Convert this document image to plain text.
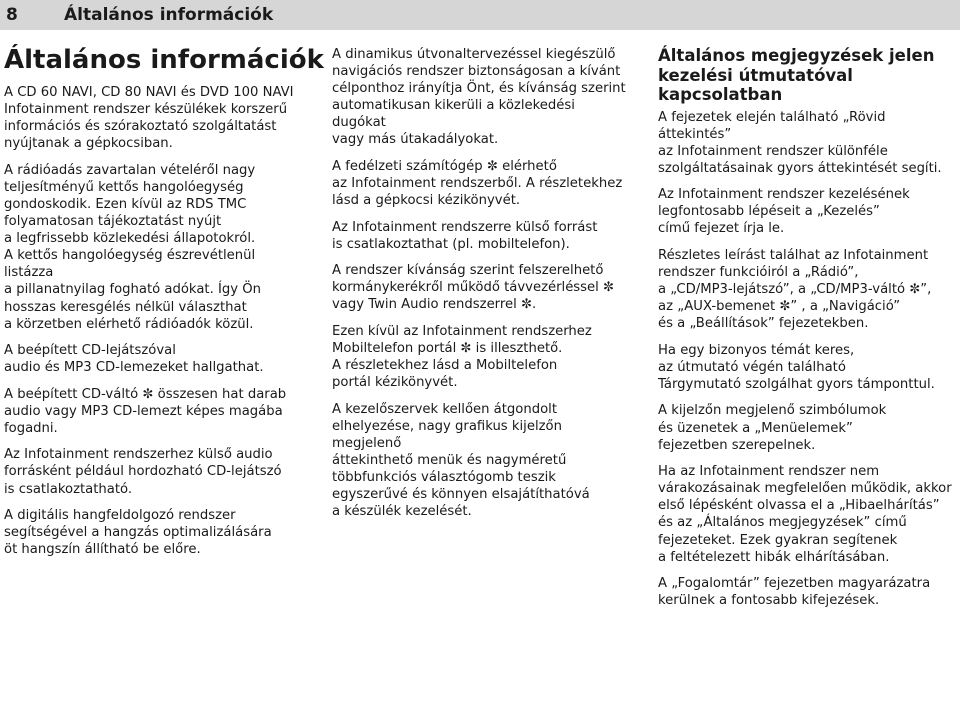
8	Általános információk
Általános információk

A CD 60 NAVI, CD 80 NAVI és DVD 100 NAVI
Infotainment rendszer készülékek korszerű
információs és szórakoztató szolgáltatást
nyújtanak a gépkocsiban.

A rádióadás zavartalan vételéről nagy
teljesítményű kettős hangolóegység
gondoskodik. Ezen kívül az RDS TMC
folyamatosan tájékoztatást nyújt
a legfrissebb közlekedési állapotokról.
A kettős hangolóegység észrevétlenül listázza
a pillanatnyilag fogható adókat. Így Ön
hosszas keresgélés nélkül választhat
a körzetben elérhető rádióadók közül.

A beépített CD-lejátszóval
audio és MP3 CD-lemezeket hallgathat.

A beépített CD-váltó ✼ összesen hat darab
audio vagy MP3 CD-lemezt képes magába
fogadni.

Az Infotainment rendszerhez külső audio
forrásként például hordozható CD-lejátszó
is csatlakoztatható.

A digitális hangfeldolgozó rendszer
segítségével a hangzás optimalizálására
öt hangszín állítható be előre.

A dinamikus útvonaltervezéssel kiegészülő
navigációs rendszer biztonságosan a kívánt
célponthoz irányítja Önt, és kívánság szerint
automatikusan kikerüli a közlekedési dugókat
vagy más útakadályokat.

A fedélzeti számítógép ✼ elérhető
az Infotainment rendszerből. A részletekhez
lásd a gépkocsi kézikönyvét.

Az Infotainment rendszerre külső forrást
is csatlakoztathat (pl. mobiltelefon).

A rendszer kívánság szerint felszerelhető
kormánykerékről működő távvezérléssel ✼
vagy Twin Audio rendszerrel ✼.

Ezen kívül az Infotainment rendszerhez
Mobiltelefon portál ✼ is illeszthető.
A részletekhez lásd a Mobiltelefon
portál kézikönyvét.

A kezelőszervek kellően átgondolt
elhelyezése, nagy grafikus kijelzőn megjelenő
áttekinthető menük és nagyméretű
többfunkciós választógomb teszik
egyszerűvé és könnyen elsajátíthatóvá
a készülék kezelését.

Általános megjegyzések jelen
kezelési útmutatóval kapcsolatban

A fejezetek elején található „Rövid áttekintés”
az Infotainment rendszer különféle
szolgáltatásainak gyors áttekintését segíti.

Az Infotainment rendszer kezelésének
legfontosabb lépéseit a „Kezelés”
című fejezet írja le.

Részletes leírást találhat az Infotainment
rendszer funkcióiról a „Rádió”,
a „CD/MP3-lejátszó”, a „CD/MP3-váltó ✼”,
az „AUX-bemenet ✼” , a „Navigáció”
és a „Beállítások” fejezetekben.

Ha egy bizonyos témát keres,
az útmutató végén található
Tárgymutató szolgálhat gyors támponttul.

A kijelzőn megjelenő szimbólumok
és üzenetek a „Menüelemek”
fejezetben szerepelnek.

Ha az Infotainment rendszer nem
várakozásainak megfelelően működik, akkor
első lépésként olvassa el a „Hibaelhárítás”
és az „Általános megjegyzések” című
fejezeteket. Ezek gyakran segítenek
a feltételezett hibák elhárításában.

A „Fogalomtár” fejezetben magyarázatra
kerülnek a fontosabb kifejezések.
